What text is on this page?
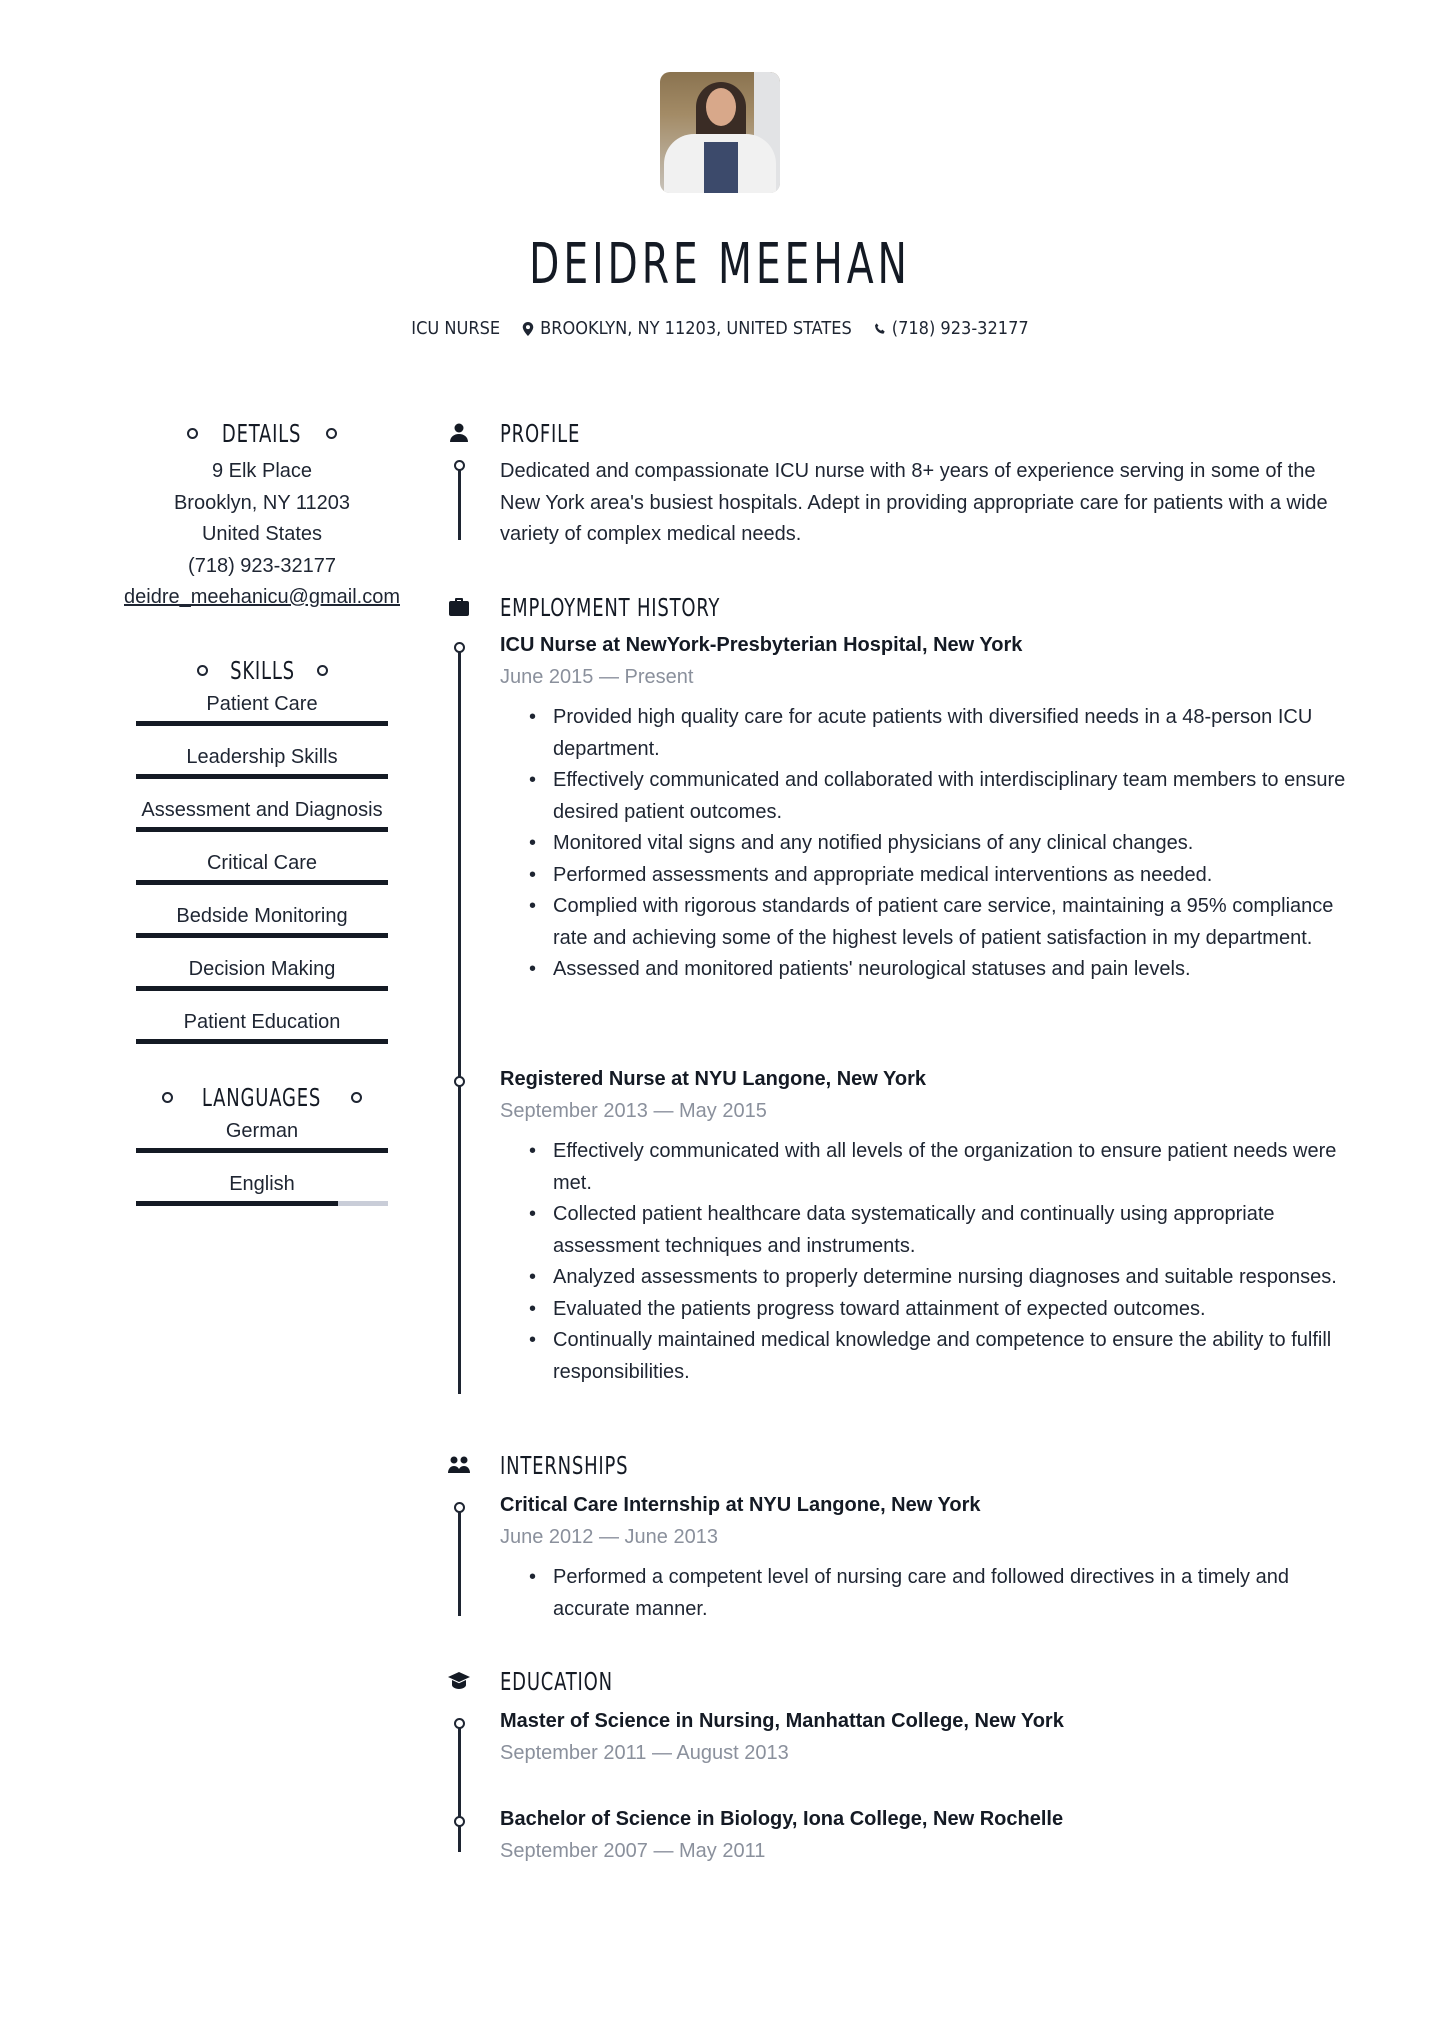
DEIDRE MEEHAN
ICU NURSE BROOKLYN, NY 11203, UNITED STATES (718) 923-32177
DETAILS
9 Elk Place
Brooklyn, NY 11203
United States
(718) 923-32177
deidre_meehanicu@gmail.com
SKILLS
Patient Care
Leadership Skills
Assessment and Diagnosis
Critical Care
Bedside Monitoring
Decision Making
Patient Education
LANGUAGES
German
English
PROFILE
Dedicated and compassionate ICU nurse with 8+ years of experience serving in some of the New York area's busiest hospitals. Adept in providing appropriate care for patients with a wide variety of complex medical needs.
EMPLOYMENT HISTORY
ICU Nurse at NewYork-Presbyterian Hospital, New York
June 2015 — Present
• Provided high quality care for acute patients with diversified needs in a 48-person ICU department.
• Effectively communicated and collaborated with interdisciplinary team members to ensure desired patient outcomes.
• Monitored vital signs and any notified physicians of any clinical changes.
• Performed assessments and appropriate medical interventions as needed.
• Complied with rigorous standards of patient care service, maintaining a 95% compliance rate and achieving some of the highest levels of patient satisfaction in my department.
• Assessed and monitored patients' neurological statuses and pain levels.
Registered Nurse at NYU Langone, New York
September 2013 — May 2015
• Effectively communicated with all levels of the organization to ensure patient needs were met.
• Collected patient healthcare data systematically and continually using appropriate assessment techniques and instruments.
• Analyzed assessments to properly determine nursing diagnoses and suitable responses.
• Evaluated the patients progress toward attainment of expected outcomes.
• Continually maintained medical knowledge and competence to ensure the ability to fulfill responsibilities.
INTERNSHIPS
Critical Care Internship at NYU Langone, New York
June 2012 — June 2013
• Performed a competent level of nursing care and followed directives in a timely and accurate manner.
EDUCATION
Master of Science in Nursing, Manhattan College, New York
September 2011 — August 2013
Bachelor of Science in Biology, Iona College, New Rochelle
September 2007 — May 2011
